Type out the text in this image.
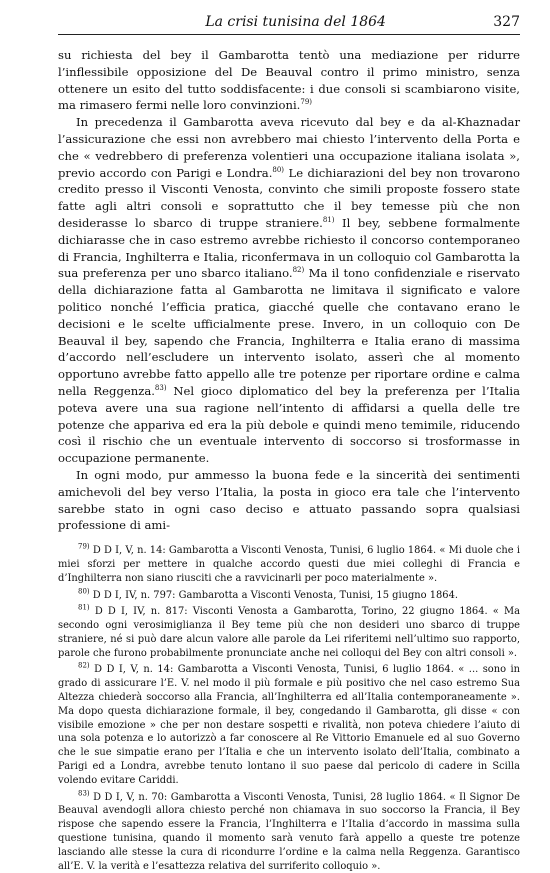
La crisi tunisina del 1864	327

su richiesta del bey il Gambarotta tentò una mediazione per ridurre l’inflessibile opposizione del De Beauval contro il primo ministro, senza ottenere un esito del tutto soddisfacente: i due consoli si scambiarono visite, ma rimasero fermi nelle loro convinzioni.$^{79)}$

In precedenza il Gambarotta aveva ricevuto dal bey e da al-Khaznadar l’assicurazione che essi non avrebbero mai chiesto l’intervento della Porta e che « vedrebbero di preferenza volentieri una occupazione italiana isolata », previo accordo con Parigi e Londra.$^{80)}$ Le dichiarazioni del bey non trovarono credito presso il Visconti Venosta, convinto che simili proposte fossero state fatte agli altri consoli e soprattutto che il bey temesse più che non desiderasse lo sbarco di truppe straniere.$^{81)}$ Il bey, sebbene formalmente dichiarasse che in caso estremo avrebbe richiesto il concorso contemporaneo di Francia, Inghilterra e Italia, riconfermava in un colloquio col Gambarotta la sua preferenza per uno sbarco italiano.$^{82)}$ Ma il tono confidenziale e riservato della dichiarazione fatta al Gambarotta ne limitava il significato e valore politico nonché l’efficia pratica, giacché quelle che contavano erano le decisioni e le scelte ufficialmente prese. Invero, in un colloquio con De Beauval il bey, sapendo che Francia, Inghilterra e Italia erano di massima d’accordo nell’escludere un intervento isolato, asserì che al momento opportuno avrebbe fatto appello alle tre potenze per riportare ordine e calma nella Reggenza.$^{83)}$ Nel gioco diplomatico del bey la preferenza per l’Italia poteva avere una sua ragione nell’intento di affidarsi a quella delle tre potenze che appariva ed era la più debole e quindi meno temimile, riducendo così il rischio che un eventuale intervento di soccorso si trosformasse in occupazione permanente.

In ogni modo, pur ammesso la buona fede e la sincerità dei sentimenti amichevoli del bey verso l’Italia, la posta in gioco era tale che l’intervento sarebbe stato in ogni caso deciso e attuato passando sopra qualsiasi professione di ami-

$^{79)}$ D D I, V, n. 14: Gambarotta a Visconti Venosta, Tunisi, 6 luglio 1864. « Mi duole che i miei sforzi per mettere in qualche accordo questi due miei colleghi di Francia e d’Inghilterra non siano riusciti che a ravvicinarli per poco materialmente ».

$^{80)}$ D D I, IV, n. 797: Gambarotta a Visconti Venosta, Tunisi, 15 giugno 1864.

$^{81)}$ D D I, IV, n. 817: Visconti Venosta a Gambarotta, Torino, 22 giugno 1864. « Ma secondo ogni verosimiglianza il Bey teme più che non desideri uno sbarco di truppe straniere, né si può dare alcun valore alle parole da Lei riferitemi nell’ultimo suo rapporto, parole che furono probabilmente pronunciate anche nei colloqui del Bey con altri consoli ».

$^{82)}$ D D I, V, n. 14: Gambarotta a Visconti Venosta, Tunisi, 6 luglio 1864. « ... sono in grado di assicurare l’E. V. nel modo il più formale e più positivo che nel caso estremo Sua Altezza chiederà soccorso alla Francia, all’Inghilterra ed all’Italia contemporaneamente ». Ma dopo questa dichiarazione formale, il bey, congedando il Gambarotta, gli disse « con visibile emozione » che per non destare sospetti e rivalità, non poteva chiedere l’aiuto di una sola potenza e lo autorizzò a far conoscere al Re Vittorio Emanuele ed al suo Governo che le sue simpatie erano per l’Italia e che un intervento isolato dell’Italia, combinato a Parigi ed a Londra, avrebbe tenuto lontano il suo paese dal pericolo di cadere in Scilla volendo evitare Cariddi.

$^{83)}$ D D I, V, n. 70: Gambarotta a Visconti Venosta, Tunisi, 28 luglio 1864. « Il Signor De Beauval avendogli allora chiesto perché non chiamava in suo soccorso la Francia, il Bey rispose che sapendo essere la Francia, l’Inghilterra e l’Italia d’accordo in massima sulla questione tunisina, quando il momento sarà venuto farà appello a queste tre potenze lasciando alle stesse la cura di ricondurre l’ordine e la calma nella Reggenza. Garantisco all’E. V. la verità e l’esattezza relativa del surriferito colloquio ».
